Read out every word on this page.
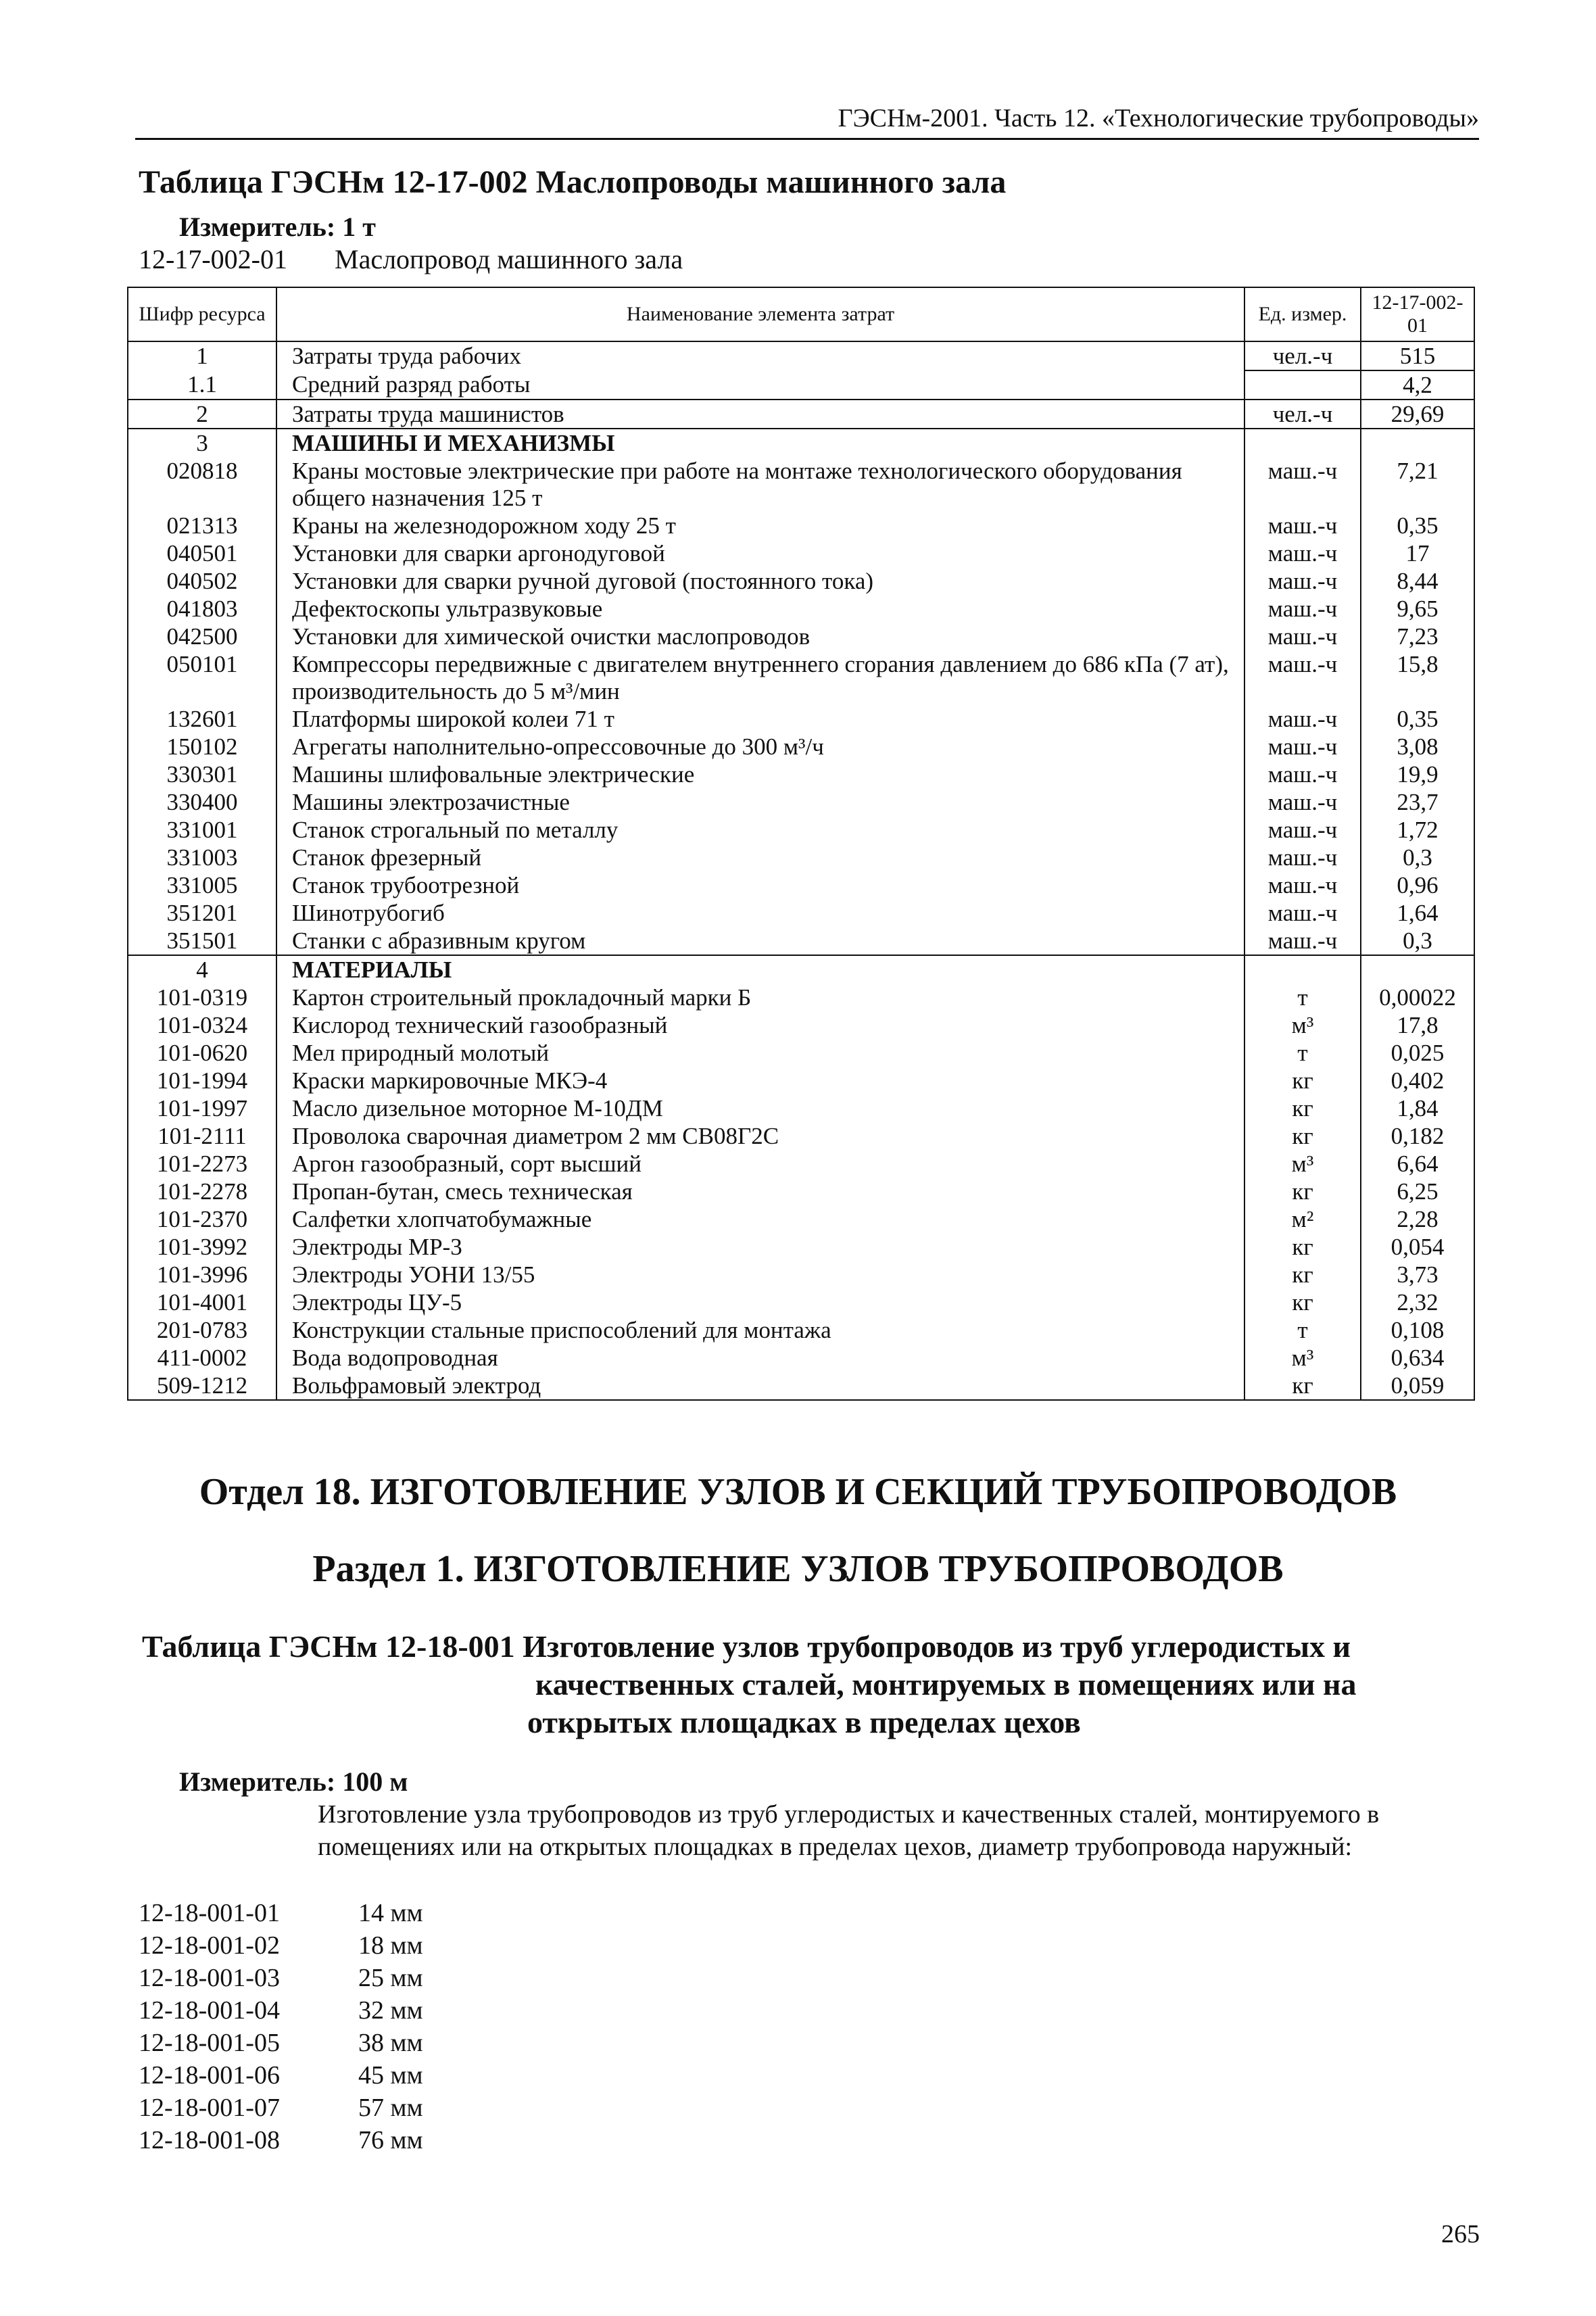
ГЭСНм-2001. Часть 12. «Технологические трубопроводы»
Таблица ГЭСНм 12-17-002 Маслопроводы машинного зала
Измеритель: 1 т
12-17-002-01 Маслопровод машинного зала
Шифр ресурса	Наименование элемента затрат	Ед. измер.	12-17-002-01
1	Затраты труда рабочих	чел.-ч	515
1.1	Средний разряд работы		4,2
2	Затраты труда машинистов	чел.-ч	29,69
3	МАШИНЫ И МЕХАНИЗМЫ		
020818	Краны мостовые электрические при работе на монтаже технологического оборудования общего назначения 125 т	маш.-ч	7,21
021313	Краны на железнодорожном ходу 25 т	маш.-ч	0,35
040501	Установки для сварки аргонодуговой	маш.-ч	17
040502	Установки для сварки ручной дуговой (постоянного тока)	маш.-ч	8,44
041803	Дефектоскопы ультразвуковые	маш.-ч	9,65
042500	Установки для химической очистки маслопроводов	маш.-ч	7,23
050101	Компрессоры передвижные с двигателем внутреннего сгорания давлением до 686 кПа (7 ат), производительность до 5 м³/мин	маш.-ч	15,8
132601	Платформы широкой колеи 71 т	маш.-ч	0,35
150102	Агрегаты наполнительно-опрессовочные до 300 м³/ч	маш.-ч	3,08
330301	Машины шлифовальные электрические	маш.-ч	19,9
330400	Машины электрозачистные	маш.-ч	23,7
331001	Станок строгальный по металлу	маш.-ч	1,72
331003	Станок фрезерный	маш.-ч	0,3
331005	Станок трубоотрезной	маш.-ч	0,96
351201	Шинотрубогиб	маш.-ч	1,64
351501	Станки с абразивным кругом	маш.-ч	0,3
4	МАТЕРИАЛЫ		
101-0319	Картон строительный прокладочный марки Б	т	0,00022
101-0324	Кислород технический газообразный	м³	17,8
101-0620	Мел природный молотый	т	0,025
101-1994	Краски маркировочные МКЭ-4	кг	0,402
101-1997	Масло дизельное моторное М-10ДМ	кг	1,84
101-2111	Проволока сварочная диаметром 2 мм СВ08Г2С	кг	0,182
101-2273	Аргон газообразный, сорт высший	м³	6,64
101-2278	Пропан-бутан, смесь техническая	кг	6,25
101-2370	Салфетки хлопчатобумажные	м²	2,28
101-3992	Электроды МР-3	кг	0,054
101-3996	Электроды УОНИ 13/55	кг	3,73
101-4001	Электроды ЦУ-5	кг	2,32
201-0783	Конструкции стальные приспособлений для монтажа	т	0,108
411-0002	Вода водопроводная	м³	0,634
509-1212	Вольфрамовый электрод	кг	0,059
Отдел 18. ИЗГОТОВЛЕНИЕ УЗЛОВ И СЕКЦИЙ ТРУБОПРОВОДОВ
Раздел 1. ИЗГОТОВЛЕНИЕ УЗЛОВ ТРУБОПРОВОДОВ
Таблица ГЭСНм 12-18-001 Изготовление узлов трубопроводов из труб углеродистых и
качественных сталей, монтируемых в помещениях или на
открытых площадках в пределах цехов
Измеритель: 100 м
Изготовление узла трубопроводов из труб углеродистых и качественных сталей, монтируемого в помещениях или на открытых площадках в пределах цехов, диаметр трубопровода наружный:
12-18-001-01	14 мм
12-18-001-02	18 мм
12-18-001-03	25 мм
12-18-001-04	32 мм
12-18-001-05	38 мм
12-18-001-06	45 мм
12-18-001-07	57 мм
12-18-001-08	76 мм
265
